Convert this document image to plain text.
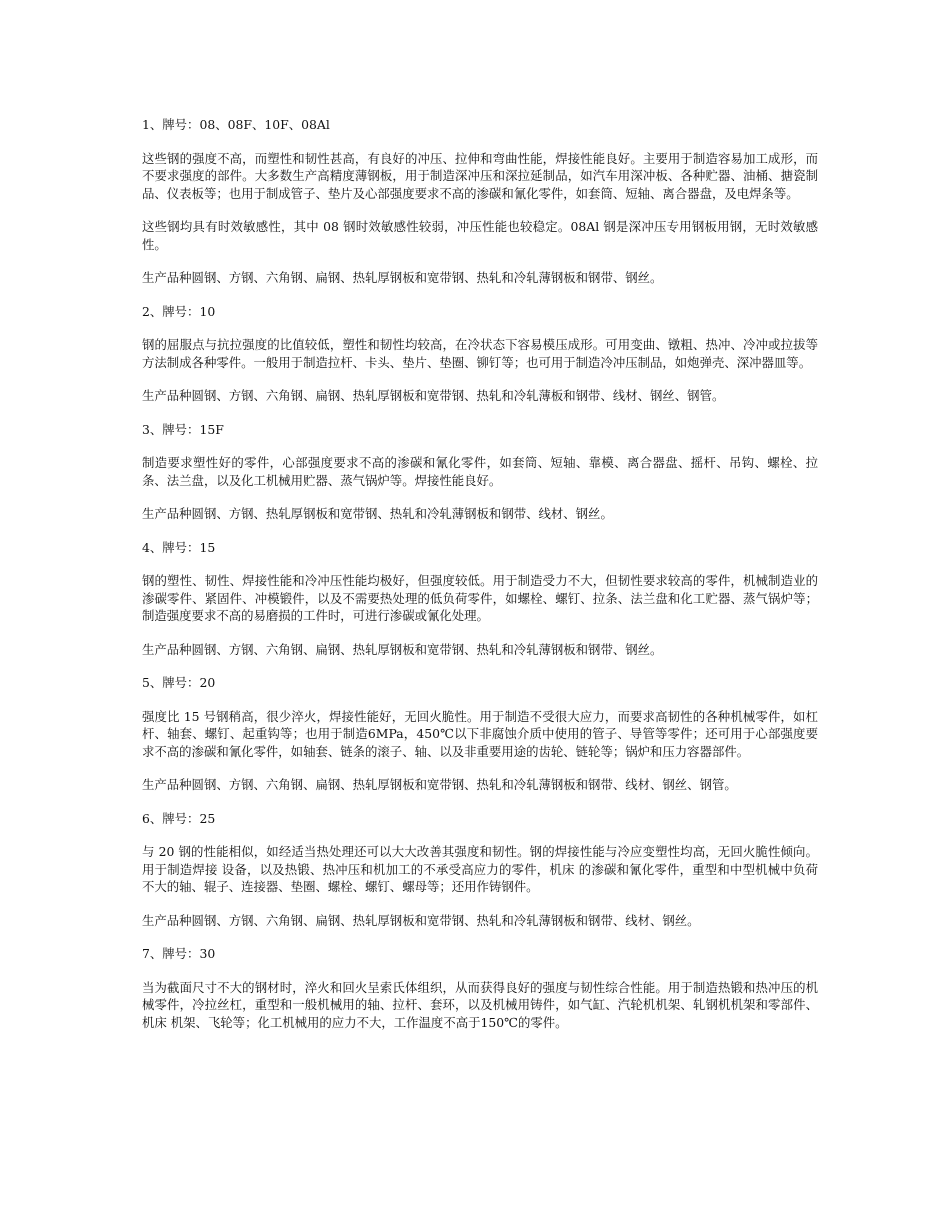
1、牌号：08、08F、10F、08Al
这些钢的强度不高，而塑性和韧性甚高，有良好的冲压、拉伸和弯曲性能，焊接性能良好。主要用于制造容易加工成形，而不要求强度的部件。大多数生产高精度薄钢板，用于制造深冲压和深拉延制品，如汽车用深冲板、各种贮器、油桶、搪瓷制品、仪表板等；也用于制成管子、垫片及心部强度要求不高的渗碳和氰化零件，如套筒、短轴、离合器盘，及电焊条等。
这些钢均具有时效敏感性，其中 08 钢时效敏感性较弱，冲压性能也较稳定。08Al 钢是深冲压专用钢板用钢，无时效敏感性。
生产品种圆钢、方钢、六角钢、扁钢、热轧厚钢板和宽带钢、热轧和冷轧薄钢板和钢带、钢丝。
2、牌号：10
钢的屈服点与抗拉强度的比值较低，塑性和韧性均较高，在冷状态下容易模压成形。可用变曲、镦粗、热冲、冷冲或拉拔等方法制成各种零件。一般用于制造拉杆、卡头、垫片、垫圈、铆钉等；也可用于制造冷冲压制品，如炮弹壳、深冲器皿等。
生产品种圆钢、方钢、六角钢、扁钢、热轧厚钢板和宽带钢、热轧和冷轧薄板和钢带、线材、钢丝、钢管。
3、牌号：15F
制造要求塑性好的零件，心部强度要求不高的渗碳和氰化零件，如套筒、短轴、靠模、离合器盘、摇杆、吊钩、螺栓、拉条、法兰盘，以及化工机械用贮器、蒸气锅炉等。焊接性能良好。
生产品种圆钢、方钢、热轧厚钢板和宽带钢、热轧和冷轧薄钢板和钢带、线材、钢丝。
4、牌号：15
钢的塑性、韧性、焊接性能和冷冲压性能均极好，但强度较低。用于制造受力不大，但韧性要求较高的零件，机械制造业的渗碳零件、紧固件、冲模锻件，以及不需要热处理的低负荷零件，如螺栓、螺钉、拉条、法兰盘和化工贮器、蒸气锅炉等；制造强度要求不高的易磨损的工件时，可进行渗碳或氰化处理。
生产品种圆钢、方钢、六角钢、扁钢、热轧厚钢板和宽带钢、热轧和冷轧薄钢板和钢带、钢丝。
5、牌号：20
强度比 15 号钢稍高，很少淬火，焊接性能好，无回火脆性。用于制造不受很大应力，而要求高韧性的各种机械零件，如杠杆、轴套、螺钉、起重钩等；也用于制造6MPa，450℃以下非腐蚀介质中使用的管子、导管等零件；还可用于心部强度要求不高的渗碳和氰化零件，如轴套、链条的滚子、轴、以及非重要用途的齿轮、链轮等；锅炉和压力容器部件。
生产品种圆钢、方钢、六角钢、扁钢、热轧厚钢板和宽带钢、热轧和冷轧薄钢板和钢带、线材、钢丝、钢管。
6、牌号：25
与 20 钢的性能相似，如经适当热处理还可以大大改善其强度和韧性。钢的焊接性能与冷应变塑性均高，无回火脆性倾向。用于制造焊接 设备，以及热锻、热冲压和机加工的不承受高应力的零件，机床 的渗碳和氰化零件，重型和中型机械中负荷不大的轴、辊子、连接器、垫圈、螺栓、螺钉、螺母等；还用作铸钢件。
生产品种圆钢、方钢、六角钢、扁钢、热轧厚钢板和宽带钢、热轧和冷轧薄钢板和钢带、线材、钢丝。
7、牌号：30
当为截面尺寸不大的钢材时，淬火和回火呈索氏体组织，从而获得良好的强度与韧性综合性能。用于制造热锻和热冲压的机械零件，冷拉丝杠，重型和一般机械用的轴、拉杆、套环，以及机械用铸件，如气缸、汽轮机机架、轧钢机机架和零部件、 机床 机架、飞轮等；化工机械用的应力不大，工作温度不高于150℃的零件。
